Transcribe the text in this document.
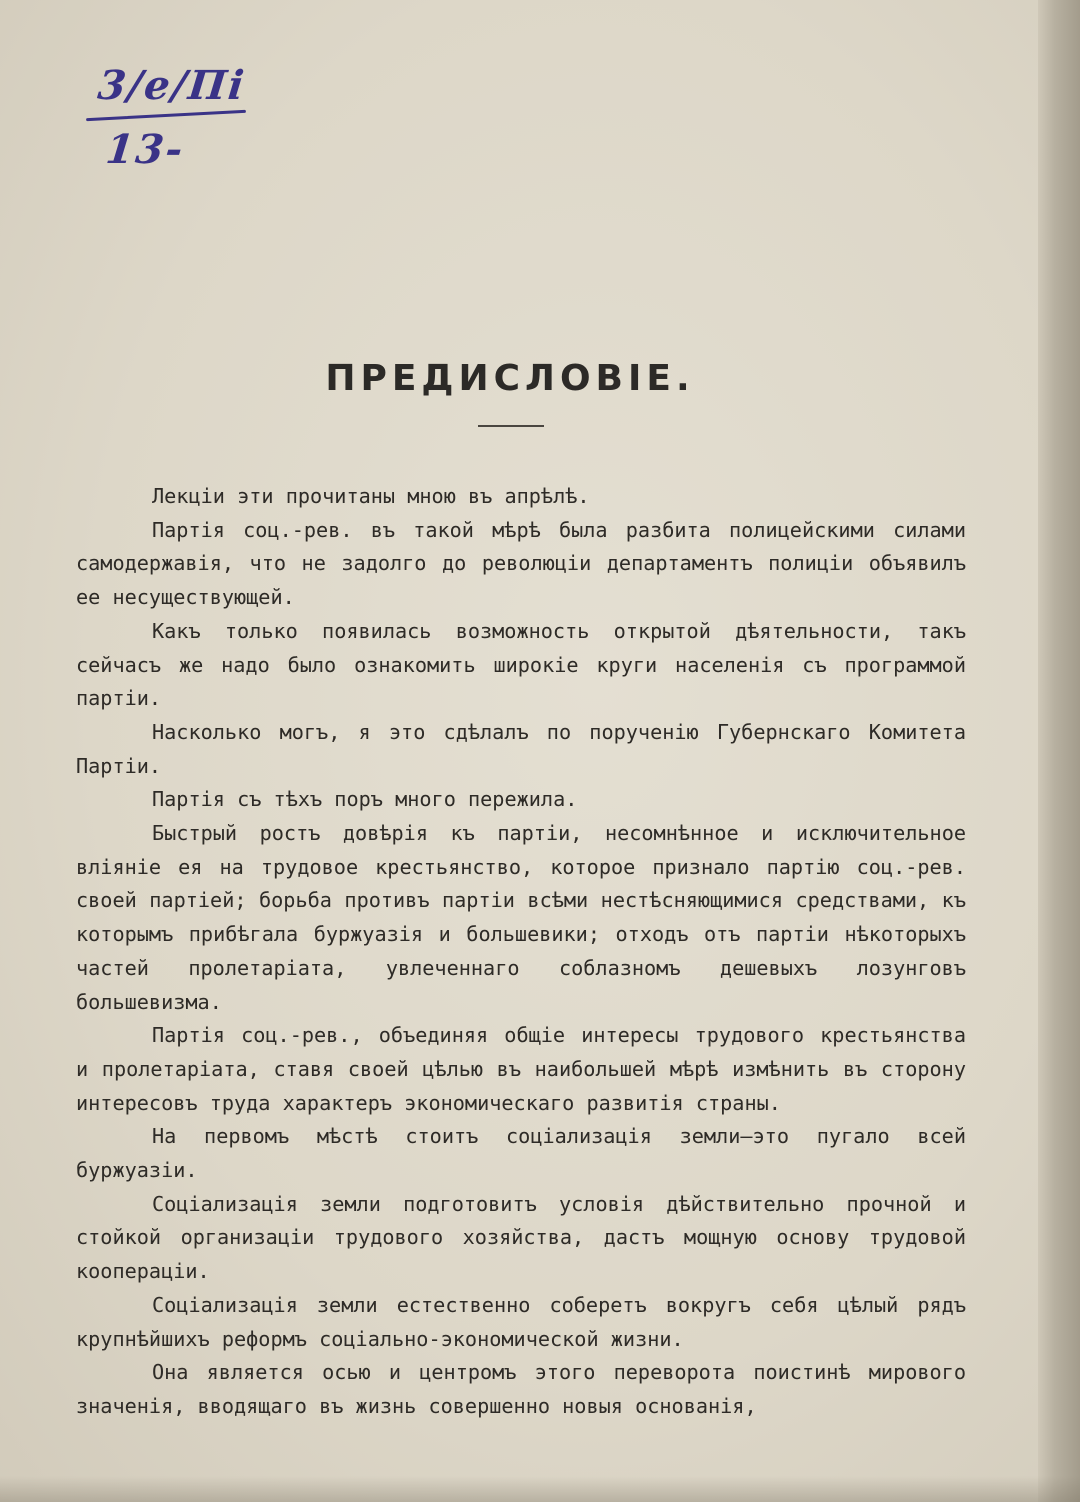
3/e/Пi
13-
ПРЕДИСЛОВIЕ.

Лекцiи эти прочитаны мною въ апрѣлѣ.

Партiя соц.-рев. въ такой мѣрѣ была разбита полицейскими силами самодержавiя, что не задолго до революцiи департаментъ полицiи объявилъ ее несуществующей.

Какъ только появилась возможность открытой дѣятельности, такъ сейчасъ же надо было ознакомить широкiе круги населенiя съ программой партiи.

Насколько могъ, я это сдѣлалъ по порученiю Губернскаго Комитета Партiи.

Партiя съ тѣхъ поръ много пережила.

Быстрый ростъ довѣрiя къ партiи, несомнѣнное и исключительное влiянiе ея на трудовое крестьянство, которое признало партiю соц.-рев. своей партiей; борьба противъ партiи всѣми нестѣсняющимися средствами, къ которымъ прибѣгала буржуазiя и большевики; отходъ отъ партiи нѣкоторыхъ частей пролетарiата, увлеченнаго соблазномъ дешевыхъ лозунговъ большевизма.

Партiя соц.-рев., объединяя общiе интересы трудового крестьянства и пролетарiата, ставя своей цѣлью въ наибольшей мѣрѣ измѣнить въ сторону интересовъ труда характеръ экономическаго развитiя страны.

На первомъ мѣстѣ стоитъ соцiализацiя земли—это пугало всей буржуазiи.

Соцiализацiя земли подготовитъ условiя дѣйствительно прочной и стойкой организацiи трудового хозяйства, дастъ мощную основу трудовой кооперацiи.

Соцiализацiя земли естественно соберетъ вокругъ себя цѣлый рядъ крупнѣйшихъ реформъ соцiально-экономической жизни.

Она является осью и центромъ этого переворота поистинѣ мирового значенiя, вводящаго въ жизнь совершенно новыя основанiя,
